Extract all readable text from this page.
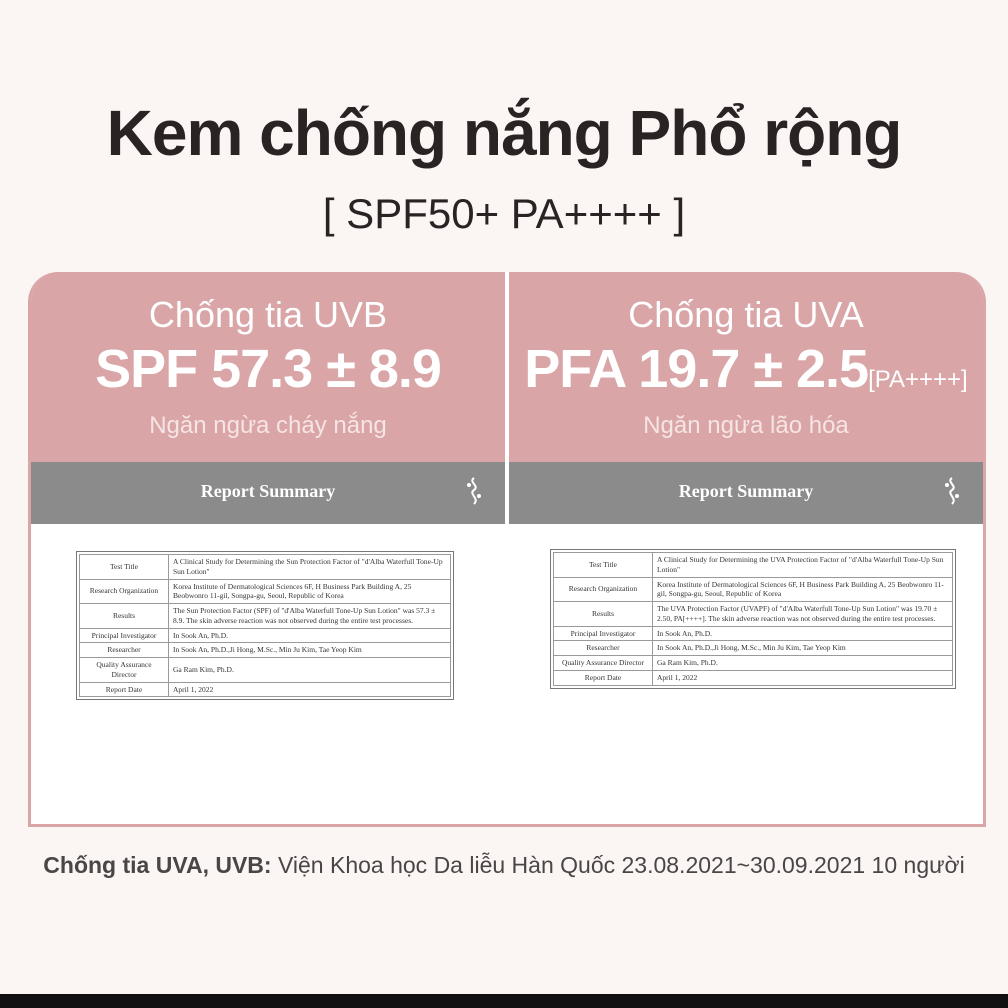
Kem chống nắng Phổ rộng
[ SPF50+ PA++++ ]
Chống tia UVB
SPF 57.3 ± 8.9
Ngăn ngừa cháy nắng
Report Summary
Test Title	A Clinical Study for Determining the Sun Protection Factor of "d'Alba Waterfull Tone-Up Sun Lotion"
Research Organization	Korea Institute of Dermatological Sciences 6F, H Business Park Building A, 25 Beobwonro 11-gil, Songpa-gu, Seoul, Republic of Korea
Results	The Sun Protection Factor (SPF) of "d'Alba Waterfull Tone-Up Sun Lotion" was 57.3 ± 8.9. The skin adverse reaction was not observed during the entire test processes.
Principal Investigator	In Sook An, Ph.D.
Researcher	In Sook An, Ph.D.,Ji Hong, M.Sc., Min Ju Kim, Tae Yeop Kim
Quality Assurance Director	Ga Ram Kim, Ph.D.
Report Date	April 1, 2022
Chống tia UVA
PFA 19.7 ± 2.5[PA++++]
Ngăn ngừa lão hóa
Report Summary
Test Title	A Clinical Study for Determining the UVA Protection Factor of "d'Alba Waterfull Tone-Up Sun Lotion"
Research Organization	Korea Institute of Dermatological Sciences 6F, H Business Park Building A, 25 Beobwonro 11-gil, Songpa-gu, Seoul, Republic of Korea
Results	The UVA Protection Factor (UVAPF) of "d'Alba Waterfull Tone-Up Sun Lotion" was 19.70 ± 2.50, PA[++++]. The skin adverse reaction was not observed during the entire test processes.
Principal Investigator	In Sook An, Ph.D.
Researcher	In Sook An, Ph.D.,Ji Hong, M.Sc., Min Ju Kim, Tae Yeop Kim
Quality Assurance Director	Ga Ram Kim, Ph.D.
Report Date	April 1, 2022
Chống tia UVA, UVB: Viện Khoa học Da liễu Hàn Quốc 23.08.2021~30.09.2021 10 người
